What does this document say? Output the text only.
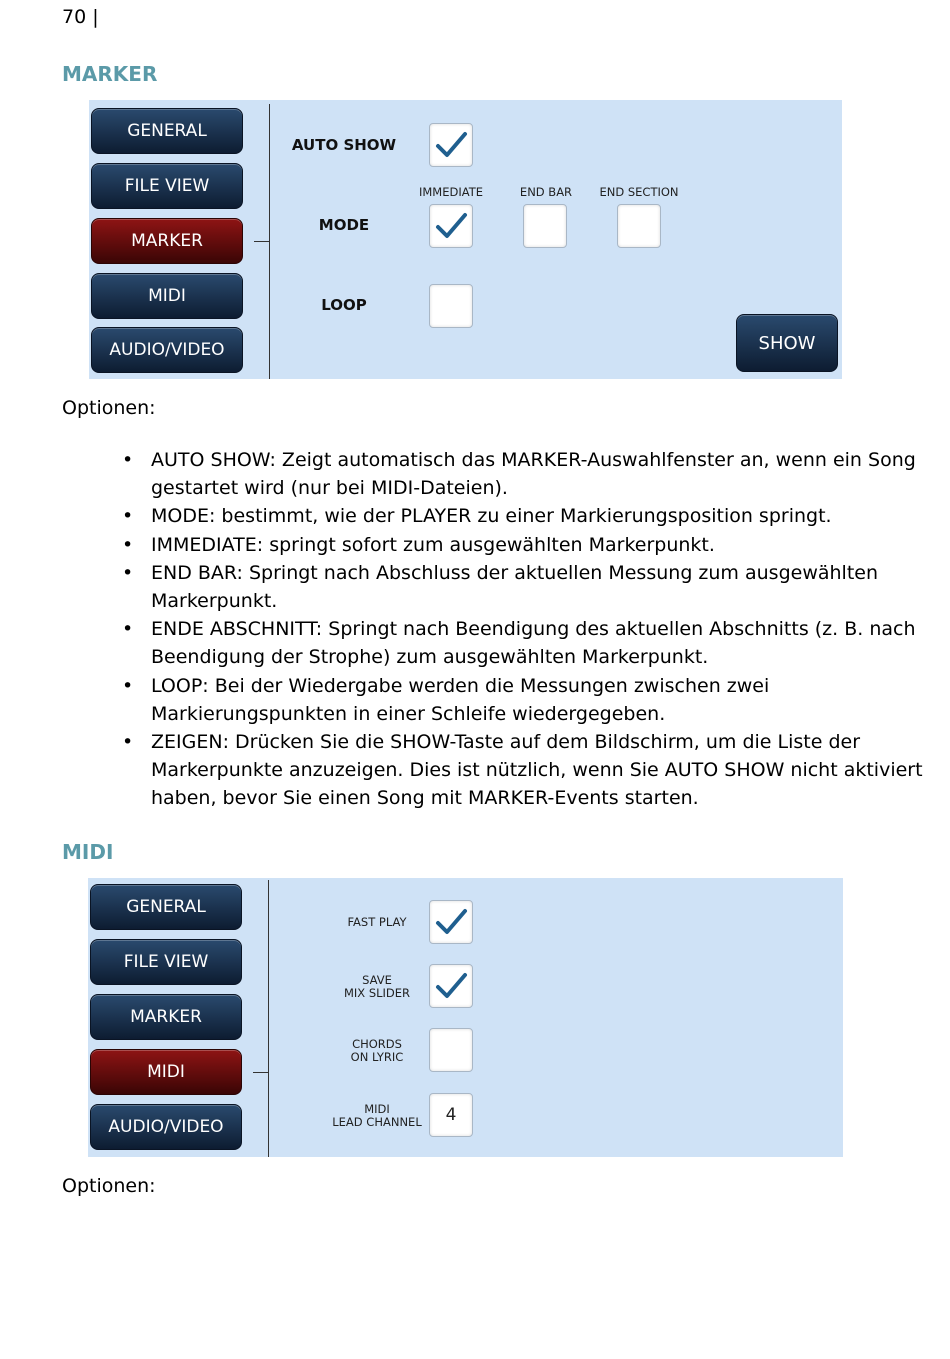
70 |
MARKER
GENERAL
FILE VIEW
MARKER
MIDI
AUDIO/VIDEO
AUTO SHOW
IMMEDIATE	END BAR	END SECTION
MODE
LOOP
SHOW
Optionen:
• AUTO SHOW: Zeigt automatisch das MARKER-Auswahlfenster an, wenn ein Song gestartet wird (nur bei MIDI-Dateien).
• MODE: bestimmt, wie der PLAYER zu einer Markierungsposition springt.
• IMMEDIATE: springt sofort zum ausgewählten Markerpunkt.
• END BAR: Springt nach Abschluss der aktuellen Messung zum ausgewählten Markerpunkt.
• ENDE ABSCHNITT: Springt nach Beendigung des aktuellen Abschnitts (z. B. nach Beendigung der Strophe) zum ausgewählten Markerpunkt.
• LOOP: Bei der Wiedergabe werden die Messungen zwischen zwei Markierungspunkten in einer Schleife wiedergegeben.
• ZEIGEN: Drücken Sie die SHOW-Taste auf dem Bildschirm, um die Liste der Markerpunkte anzuzeigen. Dies ist nützlich, wenn Sie AUTO SHOW nicht aktiviert haben, bevor Sie einen Song mit MARKER-Events starten.
MIDI
GENERAL
FILE VIEW
MARKER
MIDI
AUDIO/VIDEO
FAST PLAY
SAVE
MIX SLIDER
CHORDS
ON LYRIC
MIDI
LEAD CHANNEL	4
Optionen:
